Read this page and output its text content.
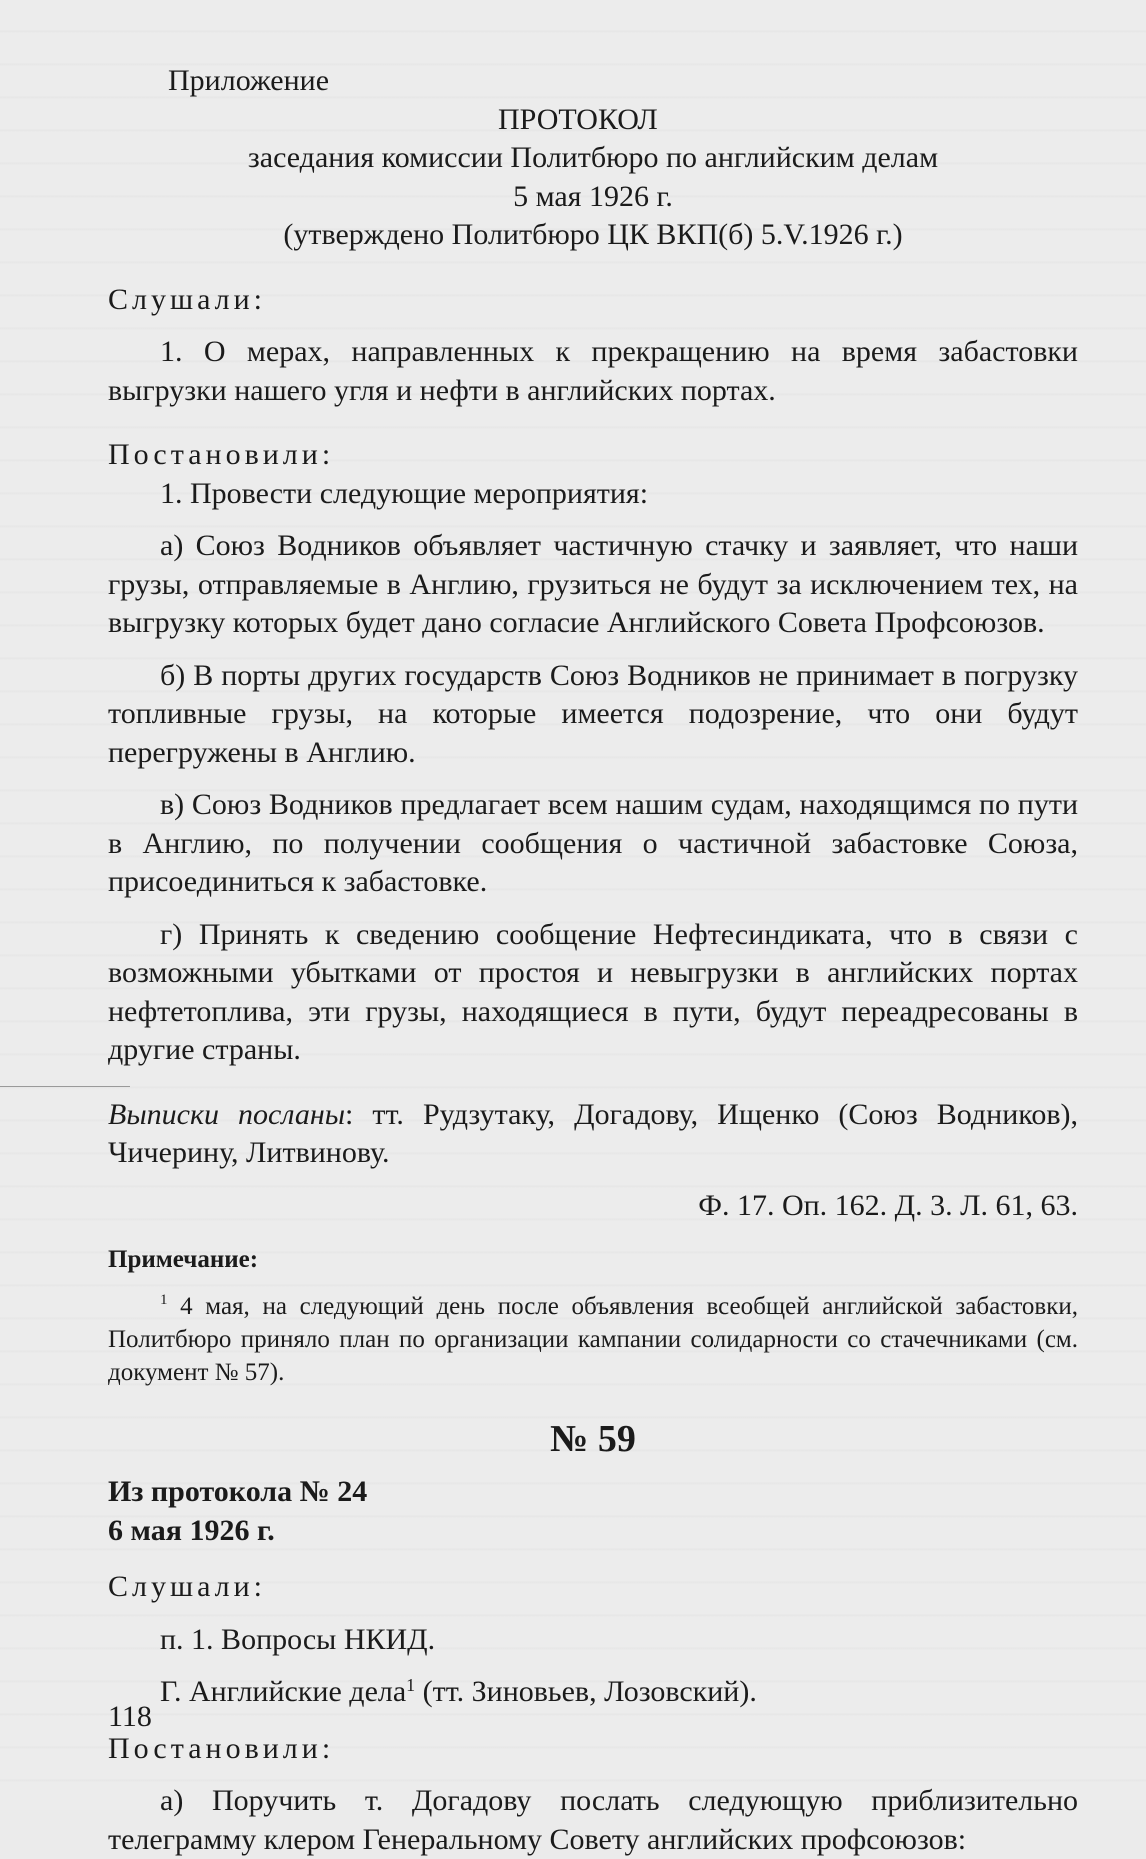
Приложение

ПРОТОКОЛ

заседания комиссии Политбюро по английским делам

5 мая 1926 г.

(утверждено Политбюро ЦК ВКП(б) 5.V.1926 г.)

Слушали:

1. О мерах, направленных к прекращению на время забастовки выгрузки нашего угля и нефти в английских портах.

Постановили:

1. Провести следующие мероприятия:

а) Союз Водников объявляет частичную стачку и заявляет, что наши грузы, отправляемые в Англию, грузиться не будут за исключением тех, на выгрузку которых будет дано согласие Английского Совета Профсоюзов.

б) В порты других государств Союз Водников не принимает в погрузку топливные грузы, на которые имеется подозрение, что они будут перегружены в Англию.

в) Союз Водников предлагает всем нашим судам, находящимся по пути в Англию, по получении сообщения о частичной забастовке Союза, присоединиться к забастовке.

г) Принять к сведению сообщение Нефтесиндиката, что в связи с возможными убытками от простоя и невыгрузки в английских портах нефтетоплива, эти грузы, находящиеся в пути, будут переадресованы в другие страны.

Выписки посланы: тт. Рудзутаку, Догадову, Ищенко (Союз Водников), Чичерину, Литвинову.

Ф. 17. Оп. 162. Д. 3. Л. 61, 63.

Примечание:

$^1$ 4 мая, на следующий день после объявления всеобщей английской забастовки, Политбюро приняло план по организации кампании солидарности со стачечниками (см. документ № 57).

№ 59

Из протокола № 24

6 мая 1926 г.

Слушали:

п. 1. Вопросы НКИД.

Г. Английские дела$^1$ (тт. Зиновьев, Лозовский).

Постановили:

а) Поручить т. Догадову послать следующую приблизительно телеграмму клером Генеральному Совету английских профсоюзов:

118
